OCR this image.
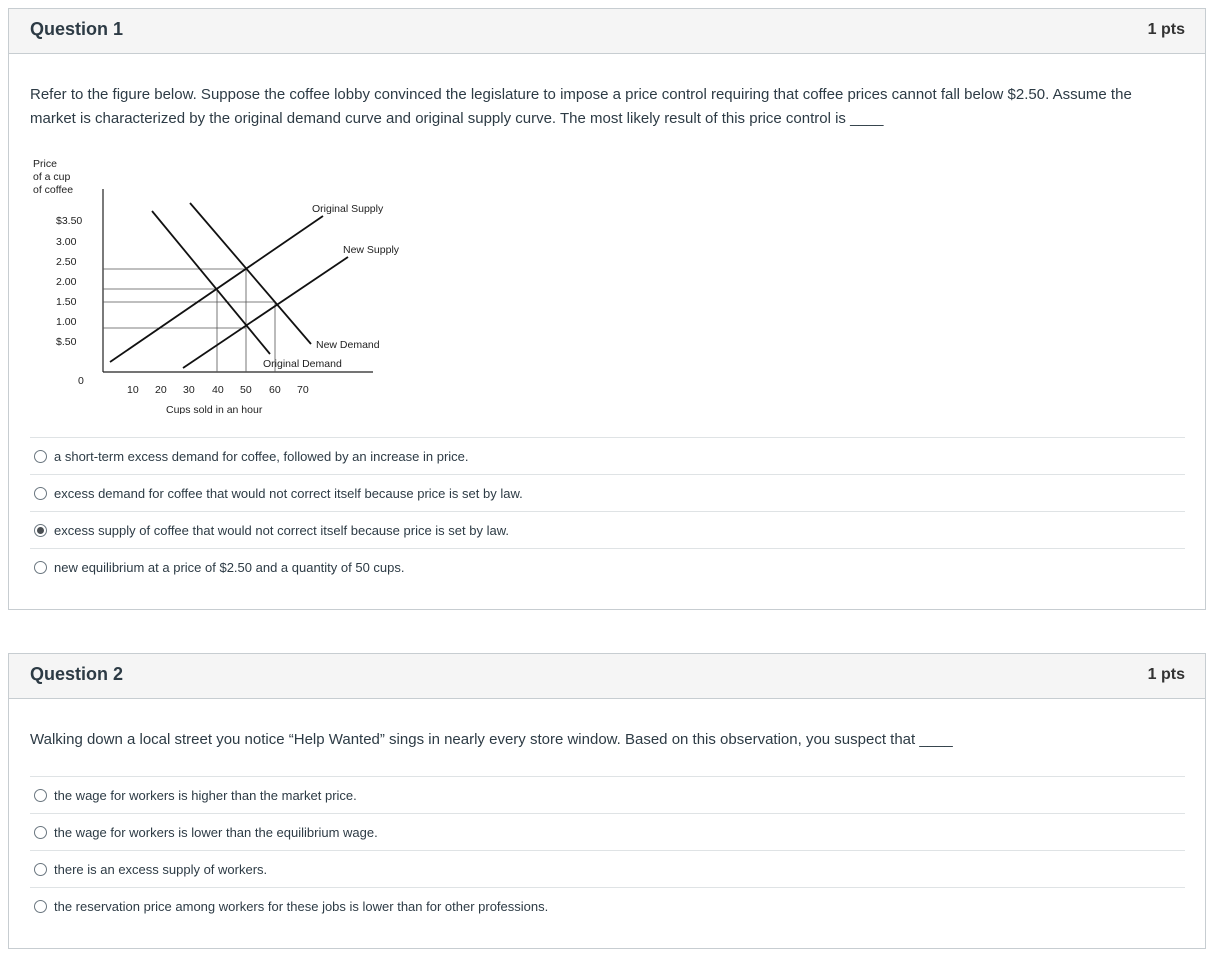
Question 1	1 pts
Refer to the figure below. Suppose the coffee lobby convinced the legislature to impose a price control requiring that coffee prices cannot fall below $2.50. Assume the market is characterized by the original demand curve and original supply curve. The most likely result of this price control is ____
Price
of a cup
of coffee
$3.50
3.00
2.50
2.00
1.50
1.00
$.50
0
Original Supply
New Supply
New Demand
Original Demand
10 20 30 40 50 60 70
Cups sold in an hour
a short-term excess demand for coffee, followed by an increase in price.
excess demand for coffee that would not correct itself because price is set by law.
excess supply of coffee that would not correct itself because price is set by law.
new equilibrium at a price of $2.50 and a quantity of 50 cups.
Question 2	1 pts
Walking down a local street you notice “Help Wanted” sings in nearly every store window. Based on this observation, you suspect that ____
the wage for workers is higher than the market price.
the wage for workers is lower than the equilibrium wage.
there is an excess supply of workers.
the reservation price among workers for these jobs is lower than for other professions.
